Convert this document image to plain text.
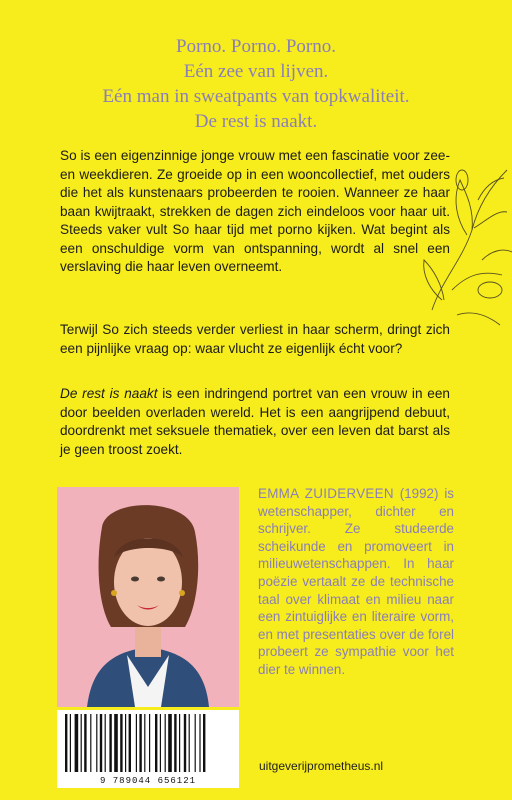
Porno. Porno. Porno.
Eén zee van lijven.
Eén man in sweatpants van topkwaliteit.
De rest is naakt.
So is een eigenzinnige jonge vrouw met een fascinatie voor zee- en weekdieren. Ze groeide op in een wooncollectief, met ouders die het als kunstenaars probeerden te rooien. Wanneer ze haar baan kwijtraakt, strekken de dagen zich eindeloos voor haar uit. Steeds vaker vult So haar tijd met porno kijken. Wat begint als een onschuldige vorm van ontspanning, wordt al snel een verslaving die haar leven overneemt.
Terwijl So zich steeds verder verliest in haar scherm, dringt zich een pijnlijke vraag op: waar vlucht ze eigenlijk écht voor?
De rest is naakt is een indringend portret van een vrouw in een door beelden overladen wereld. Het is een aangrijpend debuut, doordrenkt met seksuele thematiek, over een leven dat barst als je geen troost zoekt.
EMMA ZUIDERVEEN (1992) is wetenschapper, dichter en schrijver. Ze studeerde scheikunde en promoveert in milieuwetenschappen. In haar poëzie vertaalt ze de technische taal over klimaat en milieu naar een zintuiglijke en literaire vorm, en met presentaties over de forel probeert ze sympathie voor het dier te winnen.
9 789044 656121
uitgeverijprometheus.nl
